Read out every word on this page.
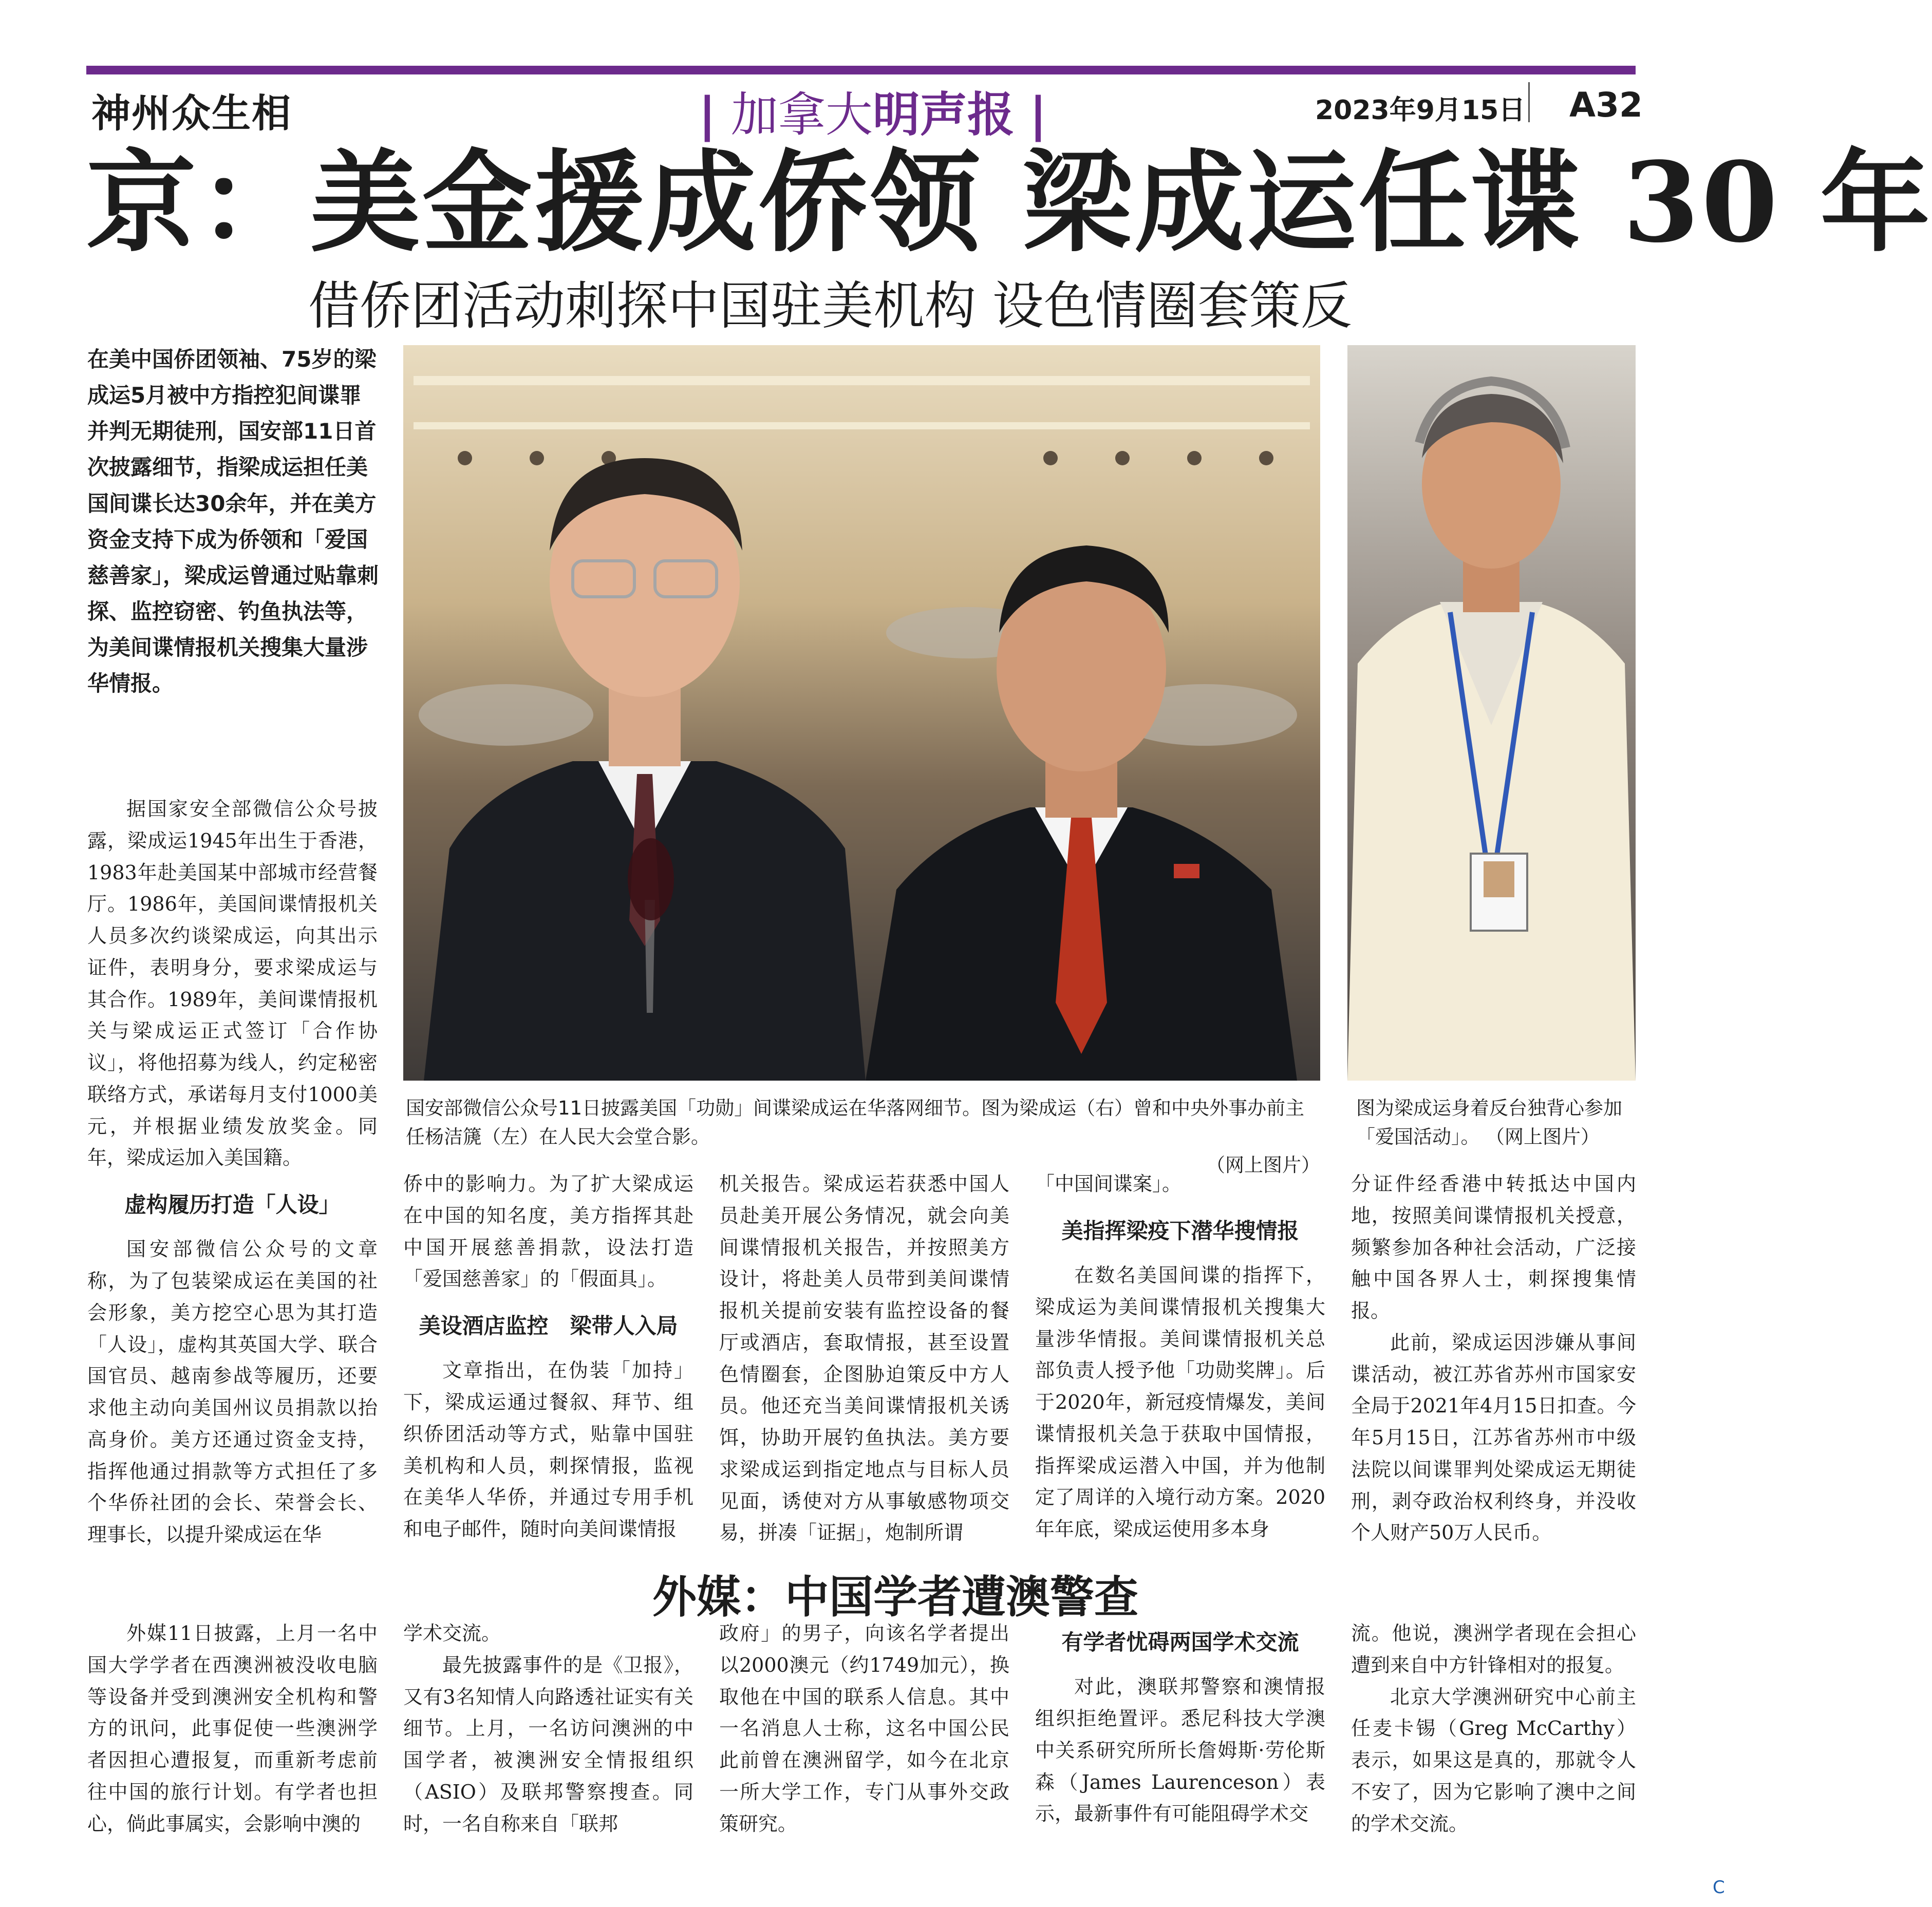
神州众生相	| 加拿大明声报 |	2023年9月15日 A32
京：美金援成侨领 梁成运任谍 30 年
借侨团活动刺探中国驻美机构 设色情圈套策反
在美中国侨团领袖、75岁的梁成运5月被中方指控犯间谍罪并判无期徒刑，国安部11日首次披露细节，指梁成运担任美国间谍长达30余年，并在美方资金支持下成为侨领和「爱国慈善家」，梁成运曾通过贴靠刺探、监控窃密、钓鱼执法等，为美间谍情报机关搜集大量涉华情报。
国安部微信公众号11日披露美国「功勋」间谍梁成运在华落网细节。图为梁成运（右）曾和中央外事办前主任杨洁篪（左）在人民大会堂合影。
（网上图片）
图为梁成运身着反台独背心参加「爱国活动」。 （网上图片）

据国家安全部微信公众号披露，梁成运1945年出生于香港，1983年赴美国某中部城市经营餐厅。1986年，美国间谍情报机关人员多次约谈梁成运，向其出示证件，表明身分，要求梁成运与其合作。1989年，美间谍情报机关与梁成运正式签订「合作协议」，将他招募为线人，约定秘密联络方式，承诺每月支付1000美元，并根据业绩发放奖金。同年，梁成运加入美国籍。

虚构履历打造「人设」

国安部微信公众号的文章称，为了包装梁成运在美国的社会形象，美方挖空心思为其打造「人设」，虚构其英国大学、联合国官员、越南参战等履历，还要求他主动向美国州议员捐款以抬高身价。美方还通过资金支持，指挥他通过捐款等方式担任了多个华侨社团的会长、荣誉会长、理事长，以提升梁成运在华

侨中的影响力。为了扩大梁成运在中国的知名度，美方指挥其赴中国开展慈善捐款，设法打造「爱国慈善家」的「假面具」。

美设酒店监控　梁带人入局

文章指出，在伪装「加持」下，梁成运通过餐叙、拜节、组织侨团活动等方式，贴靠中国驻美机构和人员，刺探情报，监视在美华人华侨，并通过专用手机和电子邮件，随时向美间谍情报

机关报告。梁成运若获悉中国人员赴美开展公务情况，就会向美间谍情报机关报告，并按照美方设计，将赴美人员带到美间谍情报机关提前安装有监控设备的餐厅或酒店，套取情报，甚至设置色情圈套，企图胁迫策反中方人员。他还充当美间谍情报机关诱饵，协助开展钓鱼执法。美方要求梁成运到指定地点与目标人员见面，诱使对方从事敏感物项交易，拼凑「证据」，炮制所谓

「中国间谍案」。

美指挥梁疫下潜华搜情报

在数名美国间谍的指挥下，梁成运为美间谍情报机关搜集大量涉华情报。美间谍情报机关总部负责人授予他「功勋奖牌」。后于2020年，新冠疫情爆发，美间谍情报机关急于获取中国情报，指挥梁成运潜入中国，并为他制定了周详的入境行动方案。2020年年底，梁成运使用多本身

分证件经香港中转抵达中国内地，按照美间谍情报机关授意，频繁参加各种社会活动，广泛接触中国各界人士，刺探搜集情报。

此前，梁成运因涉嫌从事间谍活动，被江苏省苏州市国家安全局于2021年4月15日扣查。今年5月15日，江苏省苏州市中级法院以间谍罪判处梁成运无期徒刑，剥夺政治权利终身，并没收个人财产50万人民币。

外媒：中国学者遭澳警查

外媒11日披露，上月一名中国大学学者在西澳洲被没收电脑等设备并受到澳洲安全机构和警方的讯问，此事促使一些澳洲学者因担心遭报复，而重新考虑前往中国的旅行计划。有学者也担心，倘此事属实，会影响中澳的

学术交流。

最先披露事件的是《卫报》，又有3名知情人向路透社证实有关细节。上月，一名访问澳洲的中国学者，被澳洲安全情报组织（ASIO）及联邦警察搜查。同时，一名自称来自「联邦

政府」的男子，向该名学者提出以2000澳元（约1749加元），换取他在中国的联系人信息。其中一名消息人士称，这名中国公民此前曾在澳洲留学，如今在北京一所大学工作，专门从事外交政策研究。

有学者忧碍两国学术交流

对此，澳联邦警察和澳情报组织拒绝置评。悉尼科技大学澳中关系研究所所长詹姆斯·劳伦斯森（James Laurenceson）表示，最新事件有可能阻碍学术交

流。他说，澳洲学者现在会担心遭到来自中方针锋相对的报复。

北京大学澳洲研究中心前主任麦卡锡（Greg McCarthy）表示，如果这是真的，那就令人不安了，因为它影响了澳中之间的学术交流。

C
